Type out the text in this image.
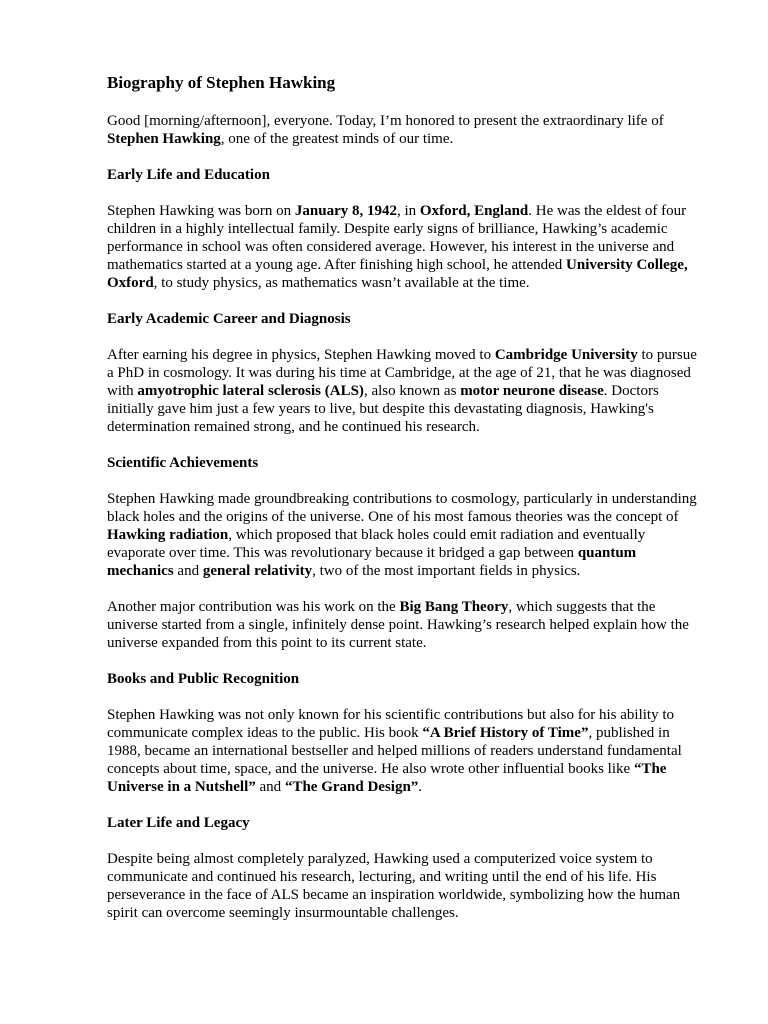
Biography of Stephen Hawking

Good [morning/afternoon], everyone. Today, I’m honored to present the extraordinary life of Stephen Hawking, one of the greatest minds of our time.

Early Life and Education

Stephen Hawking was born on January 8, 1942, in Oxford, England. He was the eldest of four children in a highly intellectual family. Despite early signs of brilliance, Hawking’s academic performance in school was often considered average. However, his interest in the universe and mathematics started at a young age. After finishing high school, he attended University College, Oxford, to study physics, as mathematics wasn’t available at the time.

Early Academic Career and Diagnosis

After earning his degree in physics, Stephen Hawking moved to Cambridge University to pursue a PhD in cosmology. It was during his time at Cambridge, at the age of 21, that he was diagnosed with amyotrophic lateral sclerosis (ALS), also known as motor neurone disease. Doctors initially gave him just a few years to live, but despite this devastating diagnosis, Hawking's determination remained strong, and he continued his research.

Scientific Achievements

Stephen Hawking made groundbreaking contributions to cosmology, particularly in understanding black holes and the origins of the universe. One of his most famous theories was the concept of Hawking radiation, which proposed that black holes could emit radiation and eventually evaporate over time. This was revolutionary because it bridged a gap between quantum mechanics and general relativity, two of the most important fields in physics.

Another major contribution was his work on the Big Bang Theory, which suggests that the universe started from a single, infinitely dense point. Hawking’s research helped explain how the universe expanded from this point to its current state.

Books and Public Recognition

Stephen Hawking was not only known for his scientific contributions but also for his ability to communicate complex ideas to the public. His book “A Brief History of Time”, published in 1988, became an international bestseller and helped millions of readers understand fundamental concepts about time, space, and the universe. He also wrote other influential books like “The Universe in a Nutshell” and “The Grand Design”.

Later Life and Legacy

Despite being almost completely paralyzed, Hawking used a computerized voice system to communicate and continued his research, lecturing, and writing until the end of his life. His perseverance in the face of ALS became an inspiration worldwide, symbolizing how the human spirit can overcome seemingly insurmountable challenges.
